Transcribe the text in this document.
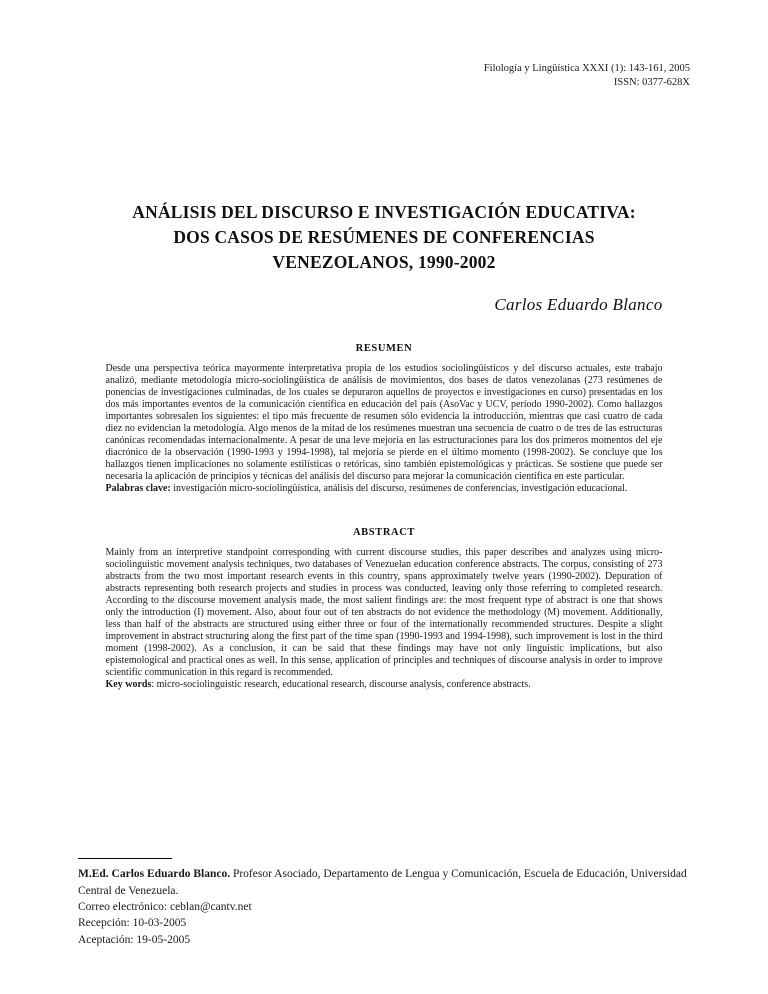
Filología y Lingüística XXXI (1): 143-161, 2005
ISSN: 0377-628X
ANÁLISIS DEL DISCURSO E INVESTIGACIÓN EDUCATIVA:
DOS CASOS DE RESÚMENES DE CONFERENCIAS
VENEZOLANOS, 1990-2002
Carlos Eduardo Blanco
RESUMEN

Desde una perspectiva teórica mayormente interpretativa propia de los estudios sociolingüísticos y del discurso actuales, este trabajo analizó, mediante metodología micro-sociolingüística de análisis de movimientos, dos bases de datos venezolanas (273 resúmenes de ponencias de investigaciones culminadas, de los cuales se depuraron aquellos de proyectos e investigaciones en curso) presentadas en los dos más importantes eventos de la comunicación científica en educación del país (AsoVac y UCV, período 1990-2002). Como hallazgos importantes sobresalen los siguientes: el tipo más frecuente de resumen sólo evidencia la introducción, mientras que casi cuatro de cada diez no evidencian la metodología. Algo menos de la mitad de los resúmenes muestran una secuencia de cuatro o de tres de las estructuras canónicas recomendadas internacionalmente. A pesar de una leve mejoría en las estructuraciones para los dos primeros momentos del eje diacrónico de la observación (1990-1993 y 1994-1998), tal mejoría se pierde en el último momento (1998-2002). Se concluye que los hallazgos tienen implicaciones no solamente estilísticas o retóricas, sino también epistemológicas y prácticas. Se sostiene que puede ser necesaria la aplicación de principios y técnicas del análisis del discurso para mejorar la comunicación científica en este particular.

Palabras clave: investigación micro-sociolingüística, análisis del discurso, resúmenes de conferencias, investigación educacional.

ABSTRACT

Mainly from an interpretive standpoint corresponding with current discourse studies, this paper describes and analyzes using micro-sociolinguistic movement analysis techniques, two databases of Venezuelan education conference abstracts. The corpus, consisting of 273 abstracts from the two most important research events in this country, spans approximately twelve years (1990-2002). Depuration of abstracts representing both research projects and studies in process was conducted, leaving only those referring to completed research. According to the discourse movement analysis made, the most salient findings are: the most frequent type of abstract is one that shows only the introduction (I) movement. Also, about four out of ten abstracts do not evidence the methodology (M) movement. Additionally, less than half of the abstracts are structured using either three or four of the internationally recommended structures. Despite a slight improvement in abstract structuring along the first part of the time span (1990-1993 and 1994-1998), such improvement is lost in the third moment (1998-2002). As a conclusion, it can be said that these findings may have not only linguistic implications, but also epistemological and practical ones as well. In this sense, application of principles and techniques of discourse analysis in order to improve scientific communication in this regard is recommended.

Key words: micro-sociolinguistic research, educational research, discourse analysis, conference abstracts.

M.Ed. Carlos Eduardo Blanco. Profesor Asociado, Departamento de Lengua y Comunicación, Escuela de Educación, Universidad Central de Venezuela.

Correo electrónico: ceblan@cantv.net

Recepción: 10-03-2005

Aceptación: 19-05-2005
